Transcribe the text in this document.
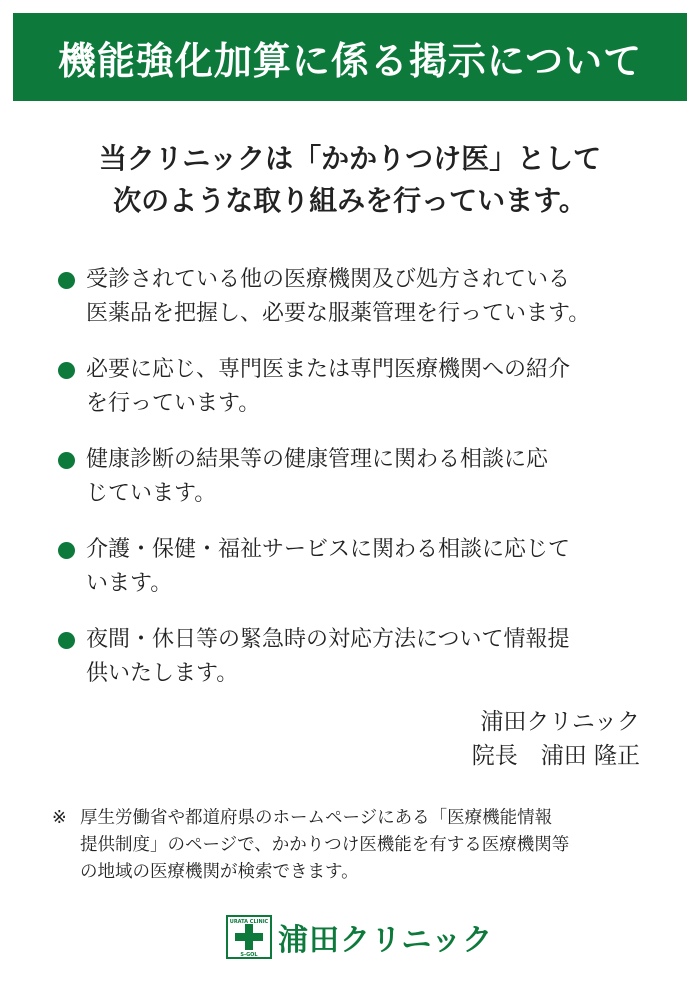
機能強化加算に係る掲示について
当クリニックは「かかりつけ医」として
次のような取り組みを行っています。
受診されている他の医療機関及び処方されている
医薬品を把握し、必要な服薬管理を行っています。
必要に応じ、専門医または専門医療機関への紹介
を行っています。
健康診断の結果等の健康管理に関わる相談に応
じています。
介護・保健・福祉サービスに関わる相談に応じて
います。
夜間・休日等の緊急時の対応方法について情報提
供いたします。
浦田クリニック
院長　浦田 隆正
※ 厚生労働省や都道府県のホームページにある「医療機能情報
提供制度」のページで、かかりつけ医機能を有する医療機関等
の地域の医療機関が検索できます。
URATA CLINIC
S-GOL 浦田クリニック
